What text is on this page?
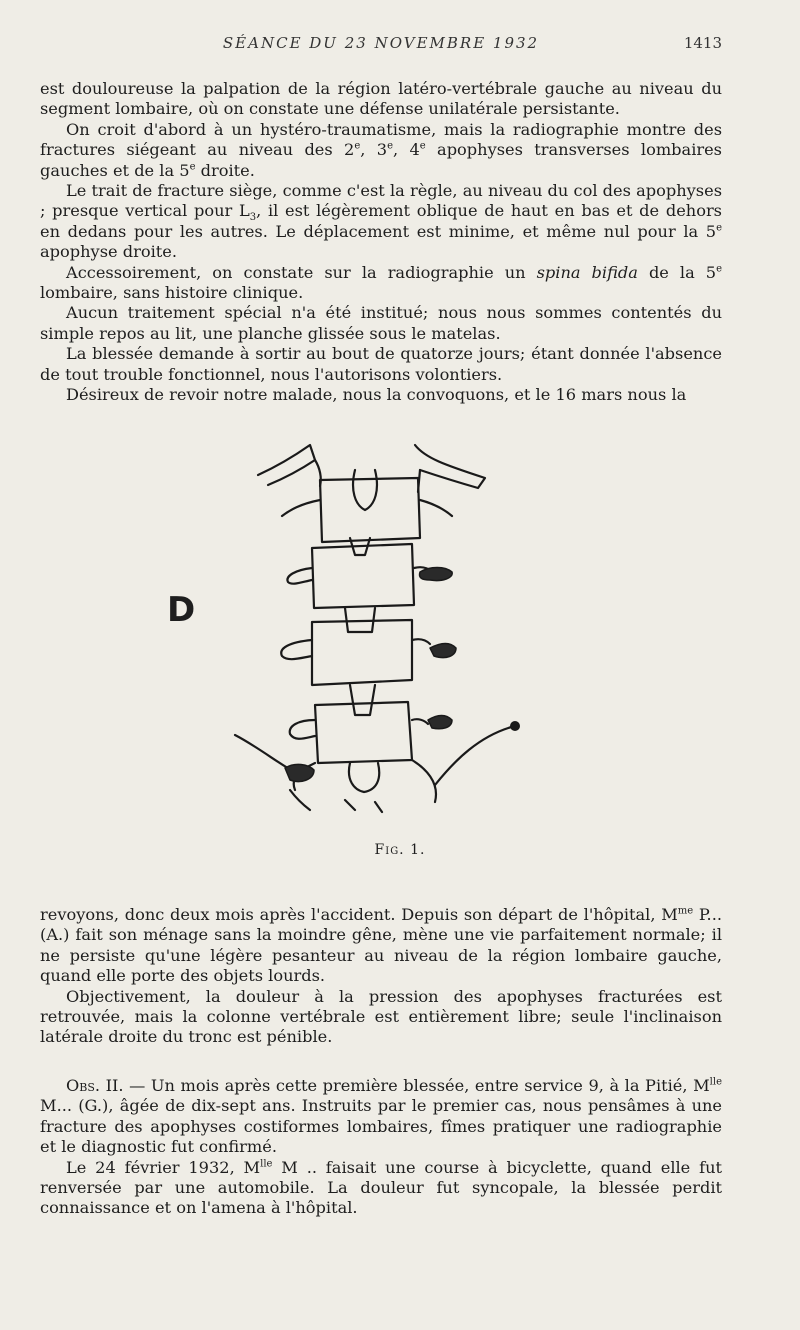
SÉANCE DU 23 NOVEMBRE 1932	1413

est douloureuse la palpation de la région latéro-vertébrale gauche au niveau du segment lombaire, où on constate une défense unilatérale persistante.

On croit d'abord à un hystéro-traumatisme, mais la radiographie montre des fractures siégeant au niveau des 2e, 3e, 4e apophyses transverses lombaires gauches et de la 5e droite.

Le trait de fracture siège, comme c'est la règle, au niveau du col des apophyses ; presque vertical pour $L_3$, il est légèrement oblique de haut en bas et de dehors en dedans pour les autres. Le déplacement est minime, et même nul pour la 5e apophyse droite.

Accessoirement, on constate sur la radiographie un spina bifida de la 5e lombaire, sans histoire clinique.

Aucun traitement spécial n'a été institué; nous nous sommes contentés du simple repos au lit, une planche glissée sous le matelas.

La blessée demande à sortir au bout de quatorze jours; étant donnée l'absence de tout trouble fonctionnel, nous l'autorisons volontiers.

Désireux de revoir notre malade, nous la convoquons, et le 16 mars nous la

D
Fig. 1.

revoyons, donc deux mois après l'accident. Depuis son départ de l'hôpital, $M^{me}$ P... (A.) fait son ménage sans la moindre gêne, mène une vie parfaitement normale; il ne persiste qu'une légère pesanteur au niveau de la région lombaire gauche, quand elle porte des objets lourds.

Objectivement, la douleur à la pression des apophyses fracturées est retrouvée, mais la colonne vertébrale est entièrement libre; seule l'inclinaison latérale droite du tronc est pénible.

Obs. II. — Un mois après cette première blessée, entre service 9, à la Pitié, $M^{lle}$ M... (G.), âgée de dix-sept ans. Instruits par le premier cas, nous pensâmes à une fracture des apophyses costiformes lombaires, fîmes pratiquer une radiographie et le diagnostic fut confirmé.

Le 24 février 1932, $M^{lle}$ M .. faisait une course à bicyclette, quand elle fut renversée par une automobile. La douleur fut syncopale, la blessée perdit connaissance et on l'amena à l'hôpital.
